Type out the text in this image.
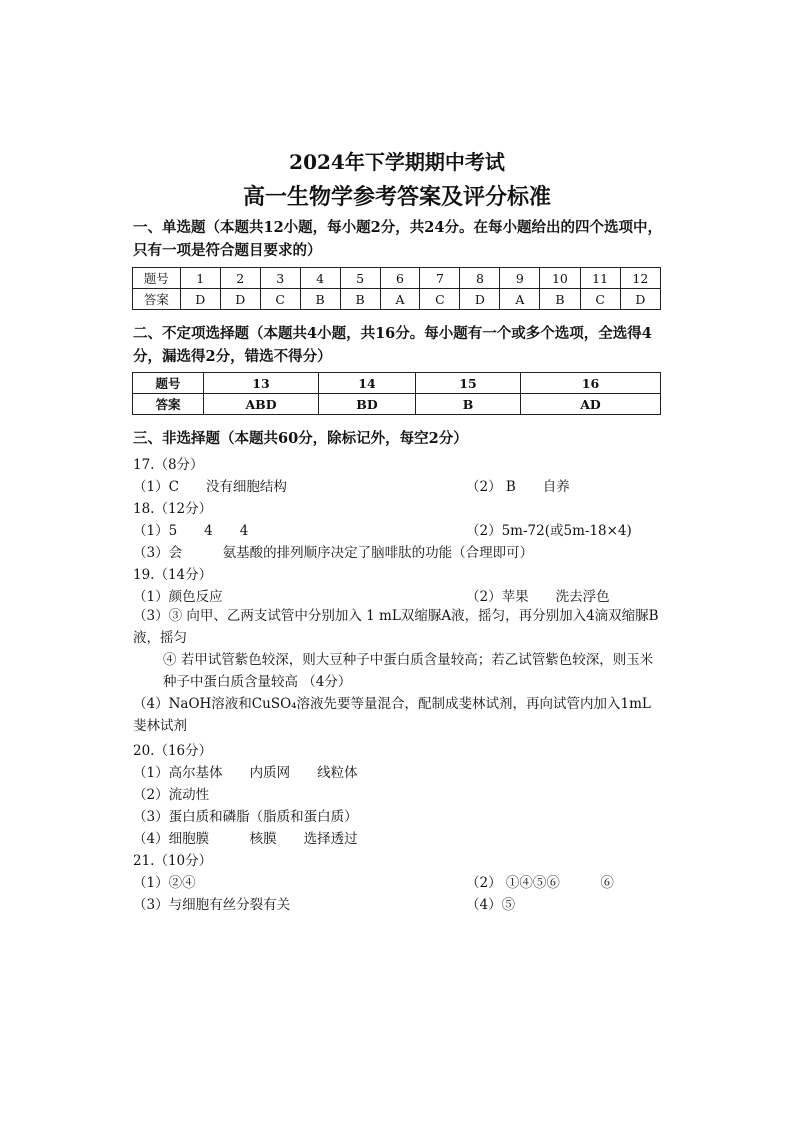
2024年下学期期中考试
高一生物学参考答案及评分标准
一、单选题（本题共12小题，每小题2分，共24分。在每小题给出的四个选项中，只有一项是符合题目要求的）
题号	1	2	3	4	5	6	7	8	9	10	11	12
答案	D	D	C	B	B	A	C	D	A	B	C	D
二、不定项选择题（本题共4小题，共16分。每小题有一个或多个选项，全选得4分，漏选得2分，错选不得分）
题号	13	14	15	16
答案	ABD	BD	B	AD
三、非选择题（本题共60分，除标记外，每空2分）
17.（8分）
（1）C　　没有细胞结构	（2） B　　自养
18.（12分）
（1）5　　4　　4	（2）5m-72(或5m-18×4)
（3）会　　　氨基酸的排列顺序决定了脑啡肽的功能（合理即可）
19.（14分）
（1）颜色反应	（2）苹果　　洗去浮色
（3）③ 向甲、乙两支试管中分别加入 1 mL双缩脲A液，摇匀，再分别加入4滴双缩脲B液，摇匀
④ 若甲试管紫色较深，则大豆种子中蛋白质含量较高；若乙试管紫色较深，则玉米种子中蛋白质含量较高 （4分）
（4）NaOH溶液和CuSO₄溶液先要等量混合，配制成斐林试剂，再向试管内加入1mL斐林试剂
20.（16分）
（1）高尔基体　　内质网　　线粒体
（2）流动性
（3）蛋白质和磷脂（脂质和蛋白质）
（4）细胞膜　　　核膜　　选择透过
21.（10分）
（1）②④	（2） ①④⑤⑥　　　⑥
（3）与细胞有丝分裂有关	（4）⑤
